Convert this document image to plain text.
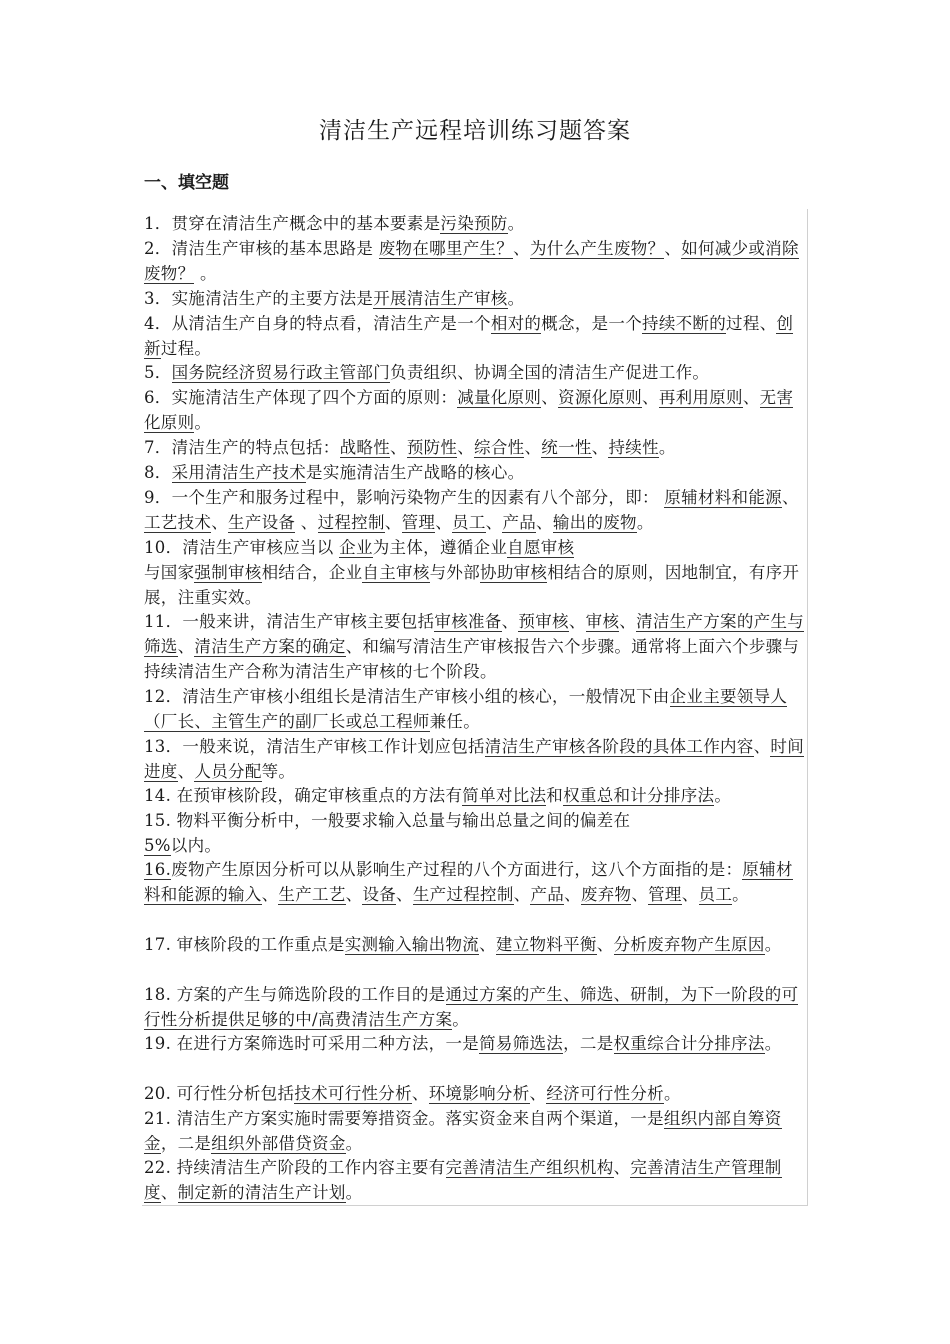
清洁生产远程培训练习题答案
一、填空题

1．贯穿在清洁生产概念中的基本要素是污染预防。

2．清洁生产审核的基本思路是 废物在哪里产生？、为什么产生废物？、如何减少或消除废物？ 。

3．实施清洁生产的主要方法是开展清洁生产审核。

4．从清洁生产自身的特点看，清洁生产是一个相对的概念，是一个持续不断的过程、创新过程。

5．国务院经济贸易行政主管部门负责组织、协调全国的清洁生产促进工作。

6．实施清洁生产体现了四个方面的原则：减量化原则、资源化原则、再利用原则、无害化原则。

7．清洁生产的特点包括：战略性、预防性、综合性、统一性、持续性。

8．采用清洁生产技术是实施清洁生产战略的核心。

9．一个生产和服务过程中，影响污染物产生的因素有八个部分，即： 原辅材料和能源、工艺技术、生产设备 、过程控制、管理、员工、产品、输出的废物。

10．清洁生产审核应当以 企业为主体，遵循企业自愿审核
与国家强制审核相结合，企业自主审核与外部协助审核相结合的原则，因地制宜，有序开展，注重实效。

11．一般来讲，清洁生产审核主要包括审核准备、预审核、审核、清洁生产方案的产生与筛选、清洁生产方案的确定、和编写清洁生产审核报告六个步骤。通常将上面六个步骤与持续清洁生产合称为清洁生产审核的七个阶段。

12．清洁生产审核小组组长是清洁生产审核小组的核心，一般情况下由企业主要领导人（厂长、主管生产的副厂长或总工程师兼任。

13．一般来说，清洁生产审核工作计划应包括清洁生产审核各阶段的具体工作内容、时间进度、人员分配等。

14. 在预审核阶段，确定审核重点的方法有简单对比法和权重总和计分排序法。

15. 物料平衡分析中，一般要求输入总量与输出总量之间的偏差在
5%以内。

16.废物产生原因分析可以从影响生产过程的八个方面进行，这八个方面指的是：原辅材料和能源的输入、生产工艺、设备、生产过程控制、产品、废弃物、管理、员工。

17. 审核阶段的工作重点是实测输入输出物流、建立物料平衡、分析废弃物产生原因。

18. 方案的产生与筛选阶段的工作目的是通过方案的产生、筛选、研制，为下一阶段的可行性分析提供足够的中/高费清洁生产方案。

19. 在进行方案筛选时可采用二种方法，一是简易筛选法，二是权重综合计分排序法。

20. 可行性分析包括技术可行性分析、环境影响分析、经济可行性分析。

21. 清洁生产方案实施时需要筹措资金。落实资金来自两个渠道，一是组织内部自筹资金，二是组织外部借贷资金。

22. 持续清洁生产阶段的工作内容主要有完善清洁生产组织机构、完善清洁生产管理制度、制定新的清洁生产计划。
